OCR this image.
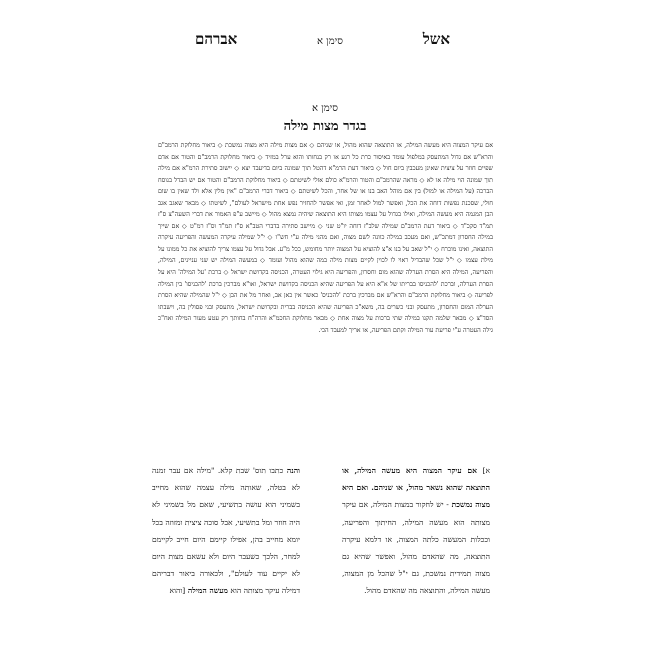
אשל
סימן א
אברהם
סימן א
בגדר מצות מילה
אם עיקר המצוה היא מעשה המילה, או התוצאה שהוא מהול, או שניהם ◇ אם מצות מילה היא מצוה נמשכת ◇ ביאור מחלוקת הרמב"ם והרא"ש אם גדול המתעסק במלפול עומד באיסור כרת כל רגע או רק בנחותו והוא ערל במזיד ◇ ביאור מחלוקת הרמב"ם והטור אם אדם שפיים חוזר על ציצית שאינן מעכבין ביום חול ◇ ביאור דעת הרמ"א דהטל תוך שמונה ביום בדיעבד יצא ◇ יישוב סתירת הרמ"א אם מילה תוך שמונה הוי מילה או לא ◇ מראה שהרמב"ם והטור והרמ"א כולם אזלי לשיטתם ◇ ביאור מחלוקת הרמב"ם והטור אם יש הבדל בנוסח הברכה (על המילה או למול) בין אם מוהל האב בנו או של אחר, והכל לשיטתם ◇ ביאור דברי הרמב"ם "אין מלין אלא ולד שאין בו שום חולי, שסכנת נפשות דוחה את הכל, ואפשר למול לאחר זמן, ואי אפשר להחזיר נפש אחת מישראל לעולם", לשיטתו ◇ מבאר שאגב אגב הבן המגמה היא מעשה המילה, ואילו בגדול על עצמו מצותו היא התוצאה שיהיה נמצא מהול ◇ מיישב ע"פ האמור את דברי השעה"צ ס"ז תמ"ד סקכ"ד ◇ ביאור דעת הרמב"ם שמילה שלב"ז דוחה יו"ט שני ◇ מיישב סתירה בדברי הטב"א ס"ז תמ"ד וס"ז רמ"ט ◇ אם שייך במילה החסרון דמתכ"ש, ואם מעכב במילה כוונה לשם מצוה, ואם מהני מילה ע"י חש"ו ◇ י"ל שמילה עיקרה המעשה והפריעה עיקרה התוצאה, ואינו מוכרח ◇ י"ל שאב על בנו א"צ להוציא על המצוה יותר מחומש, ככל מ"ע. אבל גדול על עצמו צריך להוציא את כל ממונו על מילת עצמו ◇ י"ל שכל שהבדיל ראוי לו לכוין לקיים מצות מילה במה שהוא מהול ועומד ◇ במעשה המילה יש שני עניינים, המילה, והפריעה, המילה היא הסרת הערלה שהוא מום וחסרון, והפריעה היא גילוי העטרה, הכניסה בקדושת ישראל ◇ ברכת 'על המילה' היא על הסרת הערלה, וברכת 'להכניסו בבריתו של א"א היא על הפריעה שהיא הכניסה בקדושת ישראל, ואו"א מברכין ברכת 'להכניסו' בין המילה לפריעה ◇ ביאור מחלוקת הרמב"ם והרא"ש אם מברכין ברכת 'להכניס' כאשר אין כאן אב, ואחר מל את הבן ◇ י"ל שהמילה שהיא הסרת הערלה המום והחסרון, מתעסק ובני כשרים בה, משא"כ הפריעה שהיא הכניסה בברית ובקדושת ישראל, מתעסק ובני פסולין בה, וישבתו הסד"צ ◇ מבאר שלמה תקנו במילה שתי ברכות על מצוה אחת ◇ מבאר מחלוקת החכמ"א והרה"ח בחותך רק עטע מעור המילה ואח"כ גילה העטרה ע"י פריעת עור המילה וקתם הפריעה, או אריך למעבד הכי.
א] אם עיקר המצוה היא מעשה המילה, או התוצאה שהוא נשאר מהול, או שניהם. ואם היא מצוה נמשכת - יש לחקור במצות המילה, אם עיקר מצותה הוא מעשה המילה, החיתוך והפריעה, וככלות המעשה כלתה המצוה, או דלמא עיקרה התוצאה, מה שהאדם מהול, ואפשר שהיא גם מצוה תמידית נמשכת, גם י"ל שהכל מן המצוה, מעשה המילה, והתוצאה מה שהאדם מהול.
והנה כתבו תוס' שבת קלא. "מילה אם עבר זמנה לא בטלה, שאותה מילה עצמה שהוא מחייב בשמיני הוא עושה בתשיעי, שאם מל בשמיני לא היה חוזר ומל בתשיעי, אבל סוכה ציצית ומזוזה בכל יומא מחייב בהן, אפילו קיימם היום חייב לקיימם למחר, הלכך כשעבר היום ולא עשאם מצות היום לא יקיים עוד לעולם", ולכאורה ביאור דבריהם דמילה עיקר מצותה הוא מעשה המילה [והוא
